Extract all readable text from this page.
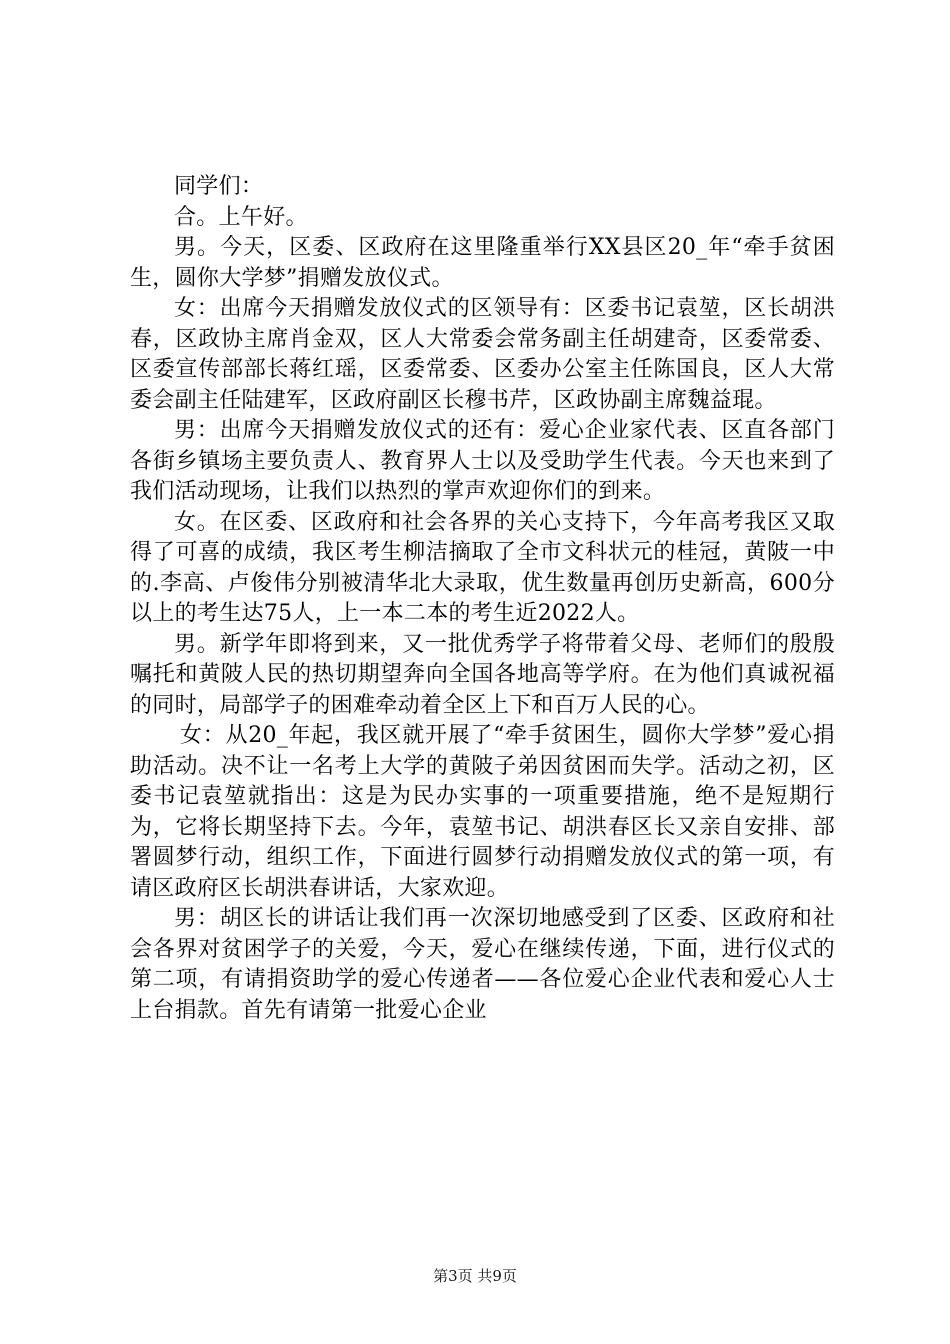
同学们：

合。上午好。

男。今天，区委、区政府在这里隆重举行XX县区20_年“牵手贫困生，圆你大学梦”捐赠发放仪式。

女：出席今天捐赠发放仪式的区领导有：区委书记袁堃，区长胡洪春，区政协主席肖金双，区人大常委会常务副主任胡建奇，区委常委、区委宣传部部长蒋红瑶，区委常委、区委办公室主任陈国良，区人大常委会副主任陆建军，区政府副区长穆书芹，区政协副主席魏益琨。

男：出席今天捐赠发放仪式的还有：爱心企业家代表、区直各部门各街乡镇场主要负责人、教育界人士以及受助学生代表。今天也来到了我们活动现场，让我们以热烈的掌声欢迎你们的到来。

女。在区委、区政府和社会各界的关心支持下，今年高考我区又取得了可喜的成绩，我区考生柳洁摘取了全市文科状元的桂冠，黄陂一中的.李高、卢俊伟分别被清华北大录取，优生数量再创历史新高，600分以上的考生达75人，上一本二本的考生近2022人。

男。新学年即将到来，又一批优秀学子将带着父母、老师们的殷殷嘱托和黄陂人民的热切期望奔向全国各地高等学府。在为他们真诚祝福的同时，局部学子的困难牵动着全区上下和百万人民的心。

女：从20_年起，我区就开展了“牵手贫困生，圆你大学梦”爱心捐助活动。决不让一名考上大学的黄陂子弟因贫困而失学。活动之初，区委书记袁堃就指出：这是为民办实事的一项重要措施，绝不是短期行为，它将长期坚持下去。今年，袁堃书记、胡洪春区长又亲自安排、部署圆梦行动，组织工作，下面进行圆梦行动捐赠发放仪式的第一项，有请区政府区长胡洪春讲话，大家欢迎。

男：胡区长的讲话让我们再一次深切地感受到了区委、区政府和社会各界对贫困学子的关爱，今天，爱心在继续传递，下面，进行仪式的第二项，有请捐资助学的爱心传递者——各位爱心企业代表和爱心人士上台捐款。首先有请第一批爱心企业

第3页 共9页
